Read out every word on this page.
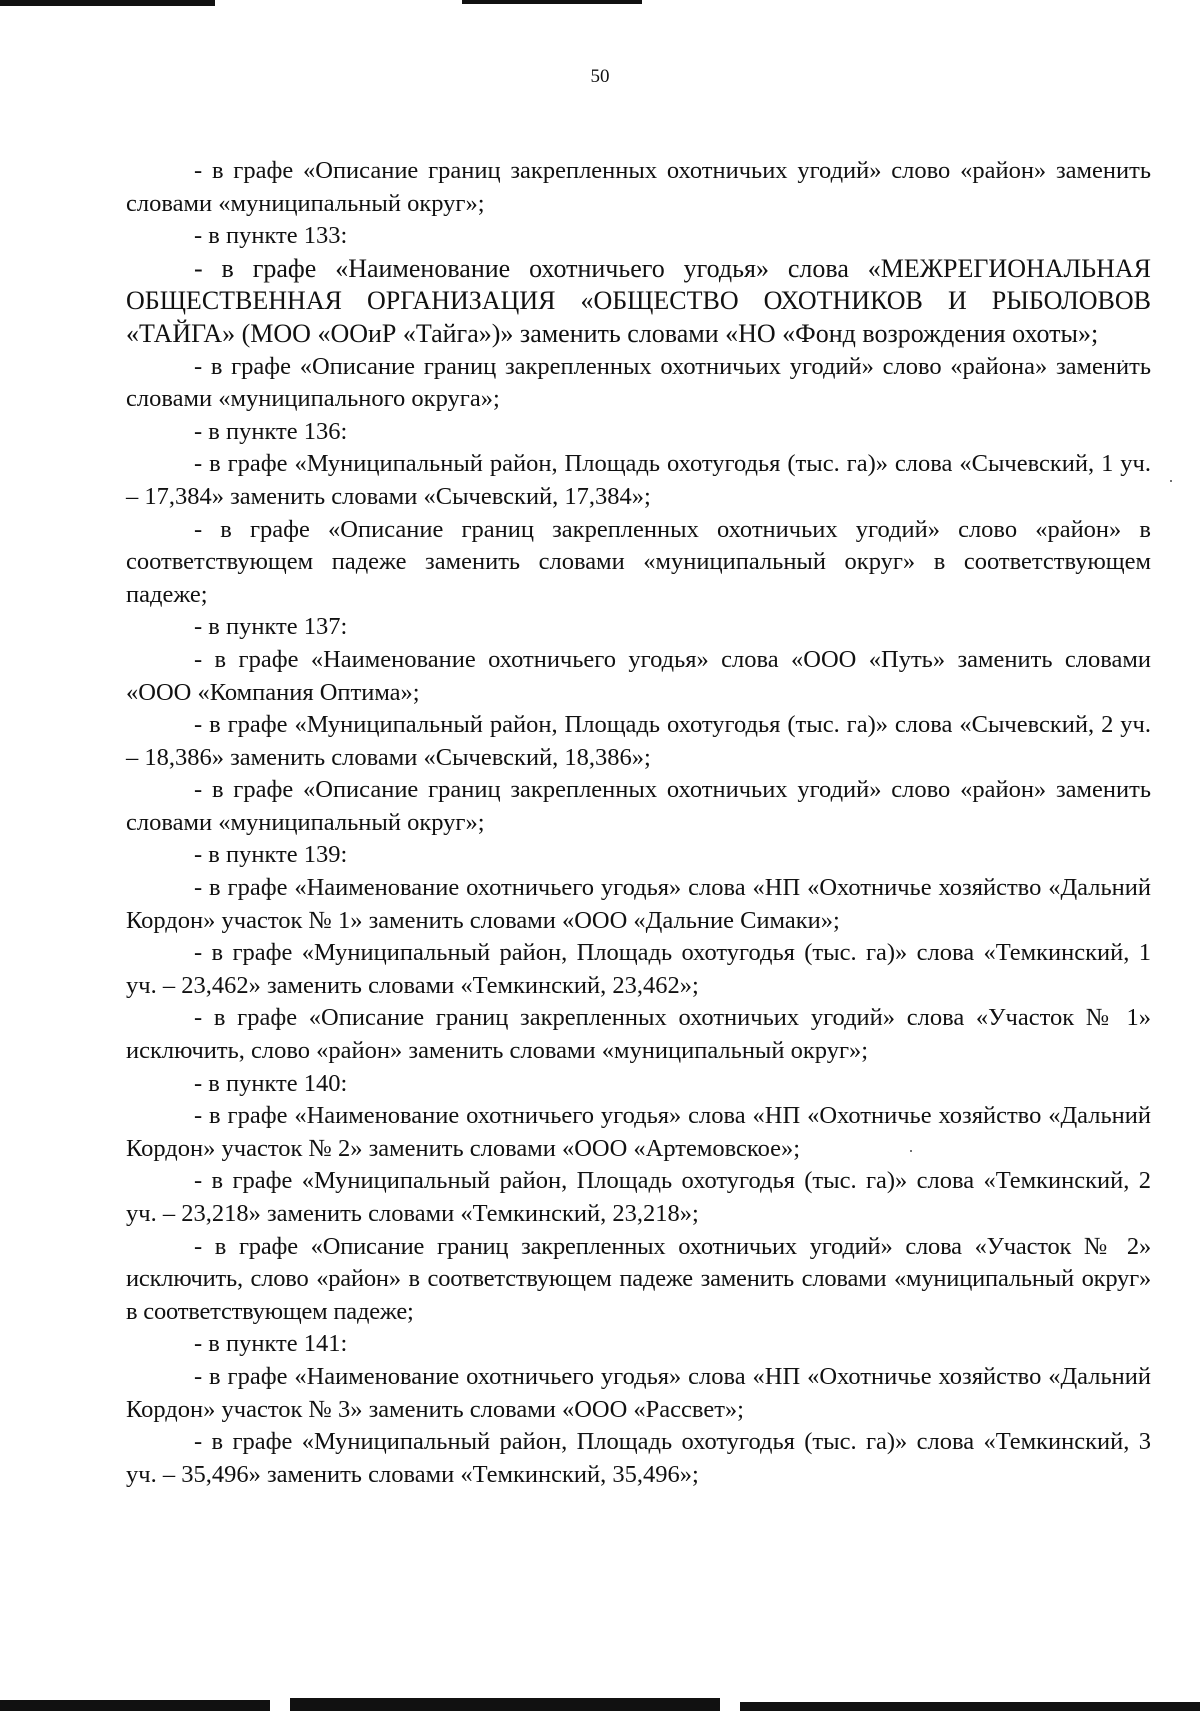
50

- в графе «Описание границ закрепленных охотничьих угодий» слово «район» заменить словами «муниципальный округ»;

- в пункте 133:

- в графе «Наименование охотничьего угодья» слова «МЕЖРЕГИОНАЛЬНАЯ ОБЩЕСТВЕННАЯ ОРГАНИЗАЦИЯ «ОБЩЕСТВО ОХОТНИКОВ И РЫБОЛОВОВ «ТАЙГА» (МОО «ООиР «Тайга»)» заменить словами «НО «Фонд возрождения охоты»;

- в графе «Описание границ закрепленных охотничьих угодий» слово «района» заменить словами «муниципального округа»;

- в пункте 136:

- в графе «Муниципальный район, Площадь охотугодья (тыс. га)» слова «Сычевский, 1 уч. – 17,384» заменить словами «Сычевский, 17,384»;

- в графе «Описание границ закрепленных охотничьих угодий» слово «район» в соответствующем падеже заменить словами «муниципальный округ» в соответствующем падеже;

- в пункте 137:

- в графе «Наименование охотничьего угодья» слова «ООО «Путь» заменить словами «ООО «Компания Оптима»;

- в графе «Муниципальный район, Площадь охотугодья (тыс. га)» слова «Сычевский, 2 уч. – 18,386» заменить словами «Сычевский, 18,386»;

- в графе «Описание границ закрепленных охотничьих угодий» слово «район» заменить словами «муниципальный округ»;

- в пункте 139:

- в графе «Наименование охотничьего угодья» слова «НП «Охотничье хозяйство «Дальний Кордон» участок № 1» заменить словами «ООО «Дальние Симаки»;

- в графе «Муниципальный район, Площадь охотугодья (тыс. га)» слова «Темкинский, 1 уч. – 23,462» заменить словами «Темкинский, 23,462»;

- в графе «Описание границ закрепленных охотничьих угодий» слова «Участок № 1» исключить, слово «район» заменить словами «муниципальный округ»;

- в пункте 140:

- в графе «Наименование охотничьего угодья» слова «НП «Охотничье хозяйство «Дальний Кордон» участок № 2» заменить словами «ООО «Артемовское»;

- в графе «Муниципальный район, Площадь охотугодья (тыс. га)» слова «Темкинский, 2 уч. – 23,218» заменить словами «Темкинский, 23,218»;

- в графе «Описание границ закрепленных охотничьих угодий» слова «Участок № 2» исключить, слово «район» в соответствующем падеже заменить словами «муниципальный округ» в соответствующем падеже;

- в пункте 141:

- в графе «Наименование охотничьего угодья» слова «НП «Охотничье хозяйство «Дальний Кордон» участок № 3» заменить словами «ООО «Рассвет»;

- в графе «Муниципальный район, Площадь охотугодья (тыс. га)» слова «Темкинский, 3 уч. – 35,496» заменить словами «Темкинский, 35,496»;
